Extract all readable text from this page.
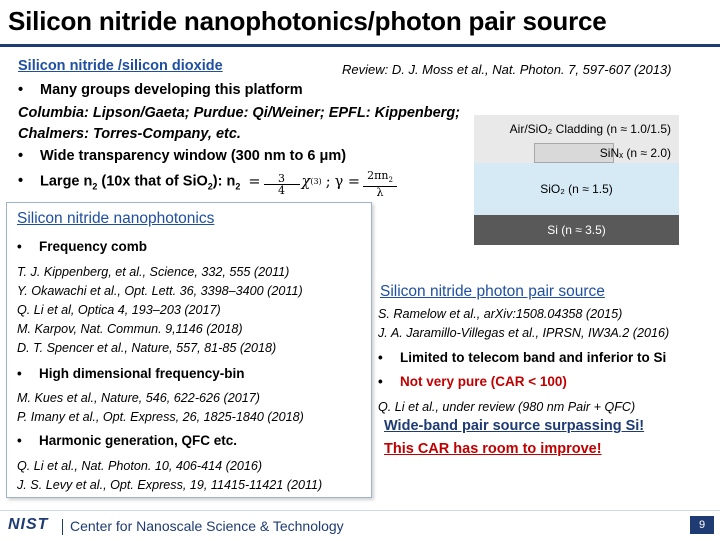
Silicon nitride nanophotonics/photon pair source
Review: D. J. Moss et al., Nat. Photon. 7, 597-607 (2013)
Silicon nitride /silicon dioxide
• Many groups developing this platform
Columbia: Lipson/Gaeta; Purdue: Qi/Weiner; EPFL: Kippenberg;
Chalmers: Torres-Company, etc.
• Wide transparency window (300 nm to 6 μm)
• Large $n_2$ (10x that of SiO$_2$): $n_2 = 3$
4
χ (3) ; $\gamma = 2\pi n_2$
λ
Air/SiO₂ Cladding (n ≈ 1.0/1.5)
SiNₓ (n ≈ 2.0)
SiO₂ (n ≈ 1.5)
Si (n ≈ 3.5)
Silicon nitride nanophotonics
• Frequency comb
T. J. Kippenberg, et al., Science, 332, 555 (2011)
Y. Okawachi et al., Opt. Lett. 36, 3398–3400 (2011)
Q. Li et al, Optica 4, 193–203 (2017)
M. Karpov, Nat. Commun. 9,1146 (2018)
D. T. Spencer et al., Nature, 557, 81-85 (2018)
• High dimensional frequency-bin
M. Kues et al., Nature, 546, 622-626 (2017)
P. Imany et al., Opt. Express, 26, 1825-1840 (2018)
• Harmonic generation, QFC etc.
Q. Li et al., Nat. Photon. 10, 406-414 (2016)
J. S. Levy et al., Opt. Express, 19, 11415-11421 (2011)
Silicon nitride photon pair source
S. Ramelow et al., arXiv:1508.04358 (2015)
J. A. Jaramillo-Villegas et al., IPRSN, IW3A.2 (2016)
• Limited to telecom band and inferior to Si
• Not very pure (CAR < 100)
Q. Li et al., under review (980 nm Pair + QFC)
Wide-band pair source surpassing Si!
This CAR has room to improve!
NIST Center for Nanoscale Science & Technology	9
